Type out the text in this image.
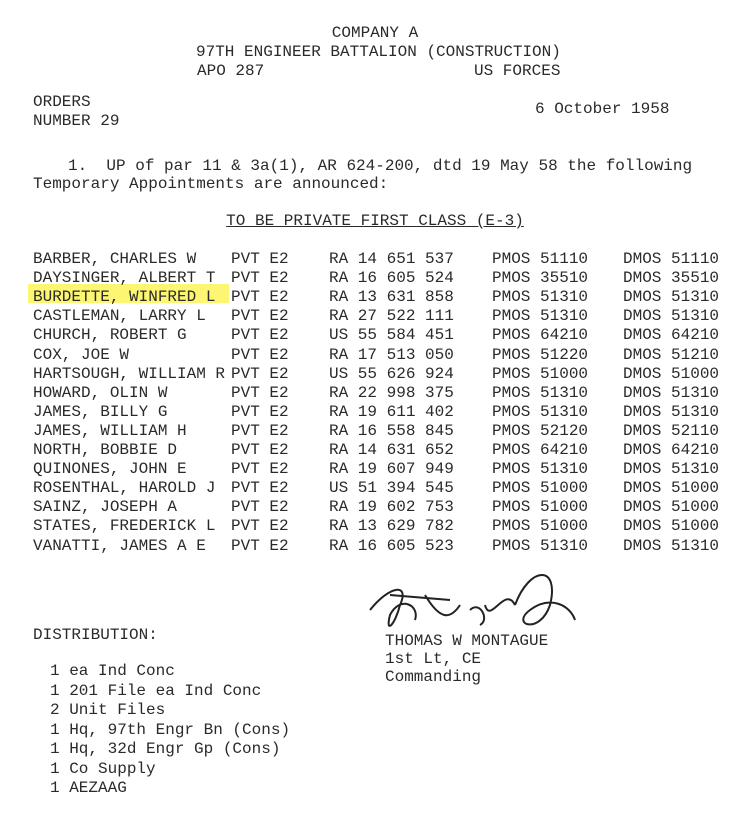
COMPANY A
97TH ENGINEER BATTALION (CONSTRUCTION)
APO 287	US FORCES
ORDERS
NUMBER 29
6 October 1958
1.  UP of par 11 & 3a(1), AR 624-200, dtd 19 May 58 the following
Temporary Appointments are announced:
TO BE PRIVATE FIRST CLASS (E-3)
BARBER, CHARLES W PVT E2	RA 14 651 537 PMOS 51110 DMOS 51110
DAYSINGER, ALBERT T PVT E2	RA 16 605 524 PMOS 35510 DMOS 35510
BURDETTE, WINFRED L PVT E2	RA 13 631 858 PMOS 51310 DMOS 51310
CASTLEMAN, LARRY L PVT E2	RA 27 522 111 PMOS 51310 DMOS 51310
CHURCH, ROBERT G	PVT E2	US 55 584 451 PMOS 64210 DMOS 64210
COX, JOE W	PVT E2	RA 17 513 050 PMOS 51220 DMOS 51210
HARTSOUGH, WILLIAM R PVT E2	US 55 626 924 PMOS 51000 DMOS 51000
HOWARD, OLIN W	PVT E2	RA 22 998 375 PMOS 51310 DMOS 51310
JAMES, BILLY G	PVT E2	RA 19 611 402 PMOS 51310 DMOS 51310
JAMES, WILLIAM H	PVT E2	RA 16 558 845 PMOS 52120 DMOS 52110
NORTH, BOBBIE D	PVT E2	RA 14 631 652 PMOS 64210 DMOS 64210
QUINONES, JOHN E	PVT E2	RA 19 607 949 PMOS 51310 DMOS 51310
ROSENTHAL, HAROLD J PVT E2	US 51 394 545 PMOS 51000 DMOS 51000
SAINZ, JOSEPH A	PVT E2	RA 19 602 753 PMOS 51000 DMOS 51000
STATES, FREDERICK L PVT E2	RA 13 629 782 PMOS 51000 DMOS 51000
VANATTI, JAMES A E PVT E2	RA 16 605 523 PMOS 51310 DMOS 51310
THOMAS W MONTAGUE
1st Lt, CE
Commanding
DISTRIBUTION:
1 ea Ind Conc
1 201 File ea Ind Conc
2 Unit Files
1 Hq, 97th Engr Bn (Cons)
1 Hq, 32d Engr Gp (Cons)
1 Co Supply
1 AEZAAG
